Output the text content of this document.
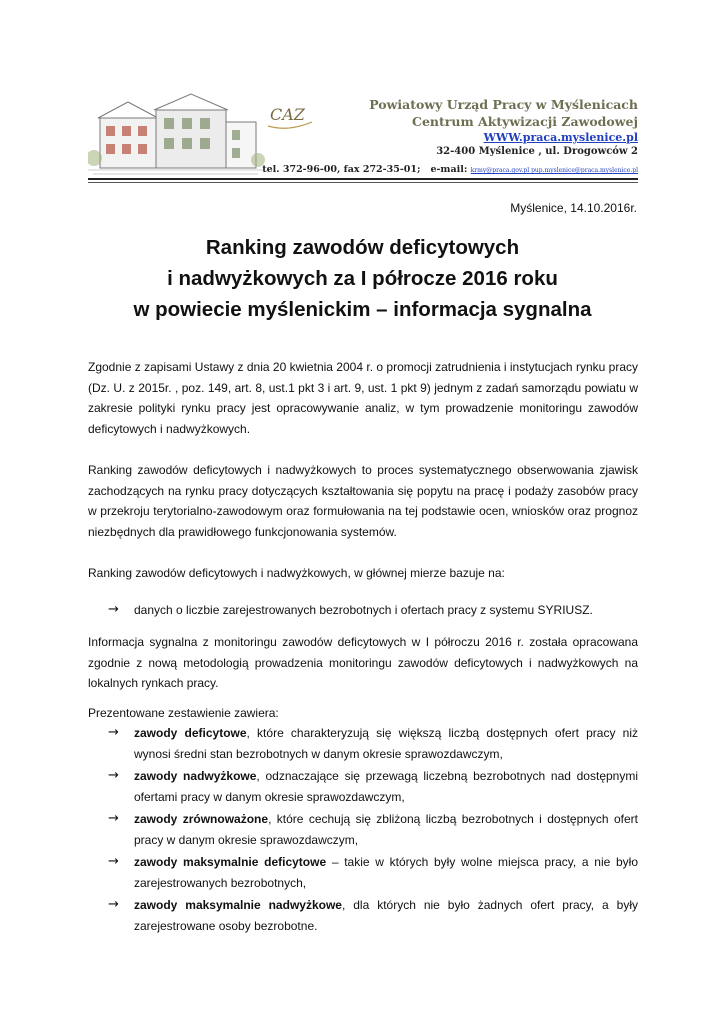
CAZ
Powiatowy Urząd Pracy w Myślenicach
Centrum Aktywizacji Zawodowej
WWW.praca.myslenice.pl
32-400 Myślenice , ul. Drogowców 2
tel. 372-96-00, fax 272-35-01; e-mail: krmy@praca.gov.pl pup.myslenice@praca.myslenice.pl
Myślenice, 14.10.2016r.
Ranking zawodów deficytowych
i nadwyżkowych za I półrocze 2016 roku
w powiecie myślenickim – informacja sygnalna

Zgodnie z zapisami Ustawy z dnia 20 kwietnia 2004 r. o promocji zatrudnienia i instytucjach rynku pracy (Dz. U. z 2015r. , poz. 149, art. 8, ust.1 pkt 3 i art. 9, ust. 1 pkt 9) jednym z zadań samorządu powiatu w zakresie polityki rynku pracy jest opracowywanie analiz, w tym prowadzenie monitoringu zawodów deficytowych i nadwyżkowych.

Ranking zawodów deficytowych i nadwyżkowych to proces systematycznego obserwowania zjawisk zachodzących na rynku pracy dotyczących kształtowania się popytu na pracę i podaży zasobów pracy w przekroju terytorialno-zawodowym oraz formułowania na tej podstawie ocen, wniosków oraz prognoz niezbędnych dla prawidłowego funkcjonowania systemów.

Ranking zawodów deficytowych i nadwyżkowych, w głównej mierze bazuje na:

→ danych o liczbie zarejestrowanych bezrobotnych i ofertach pracy z systemu SYRIUSZ.

Informacja sygnalna z monitoringu zawodów deficytowych w I półroczu 2016 r. została opracowana zgodnie z nową metodologią prowadzenia monitoringu zawodów deficytowych i nadwyżkowych na lokalnych rynkach pracy.

Prezentowane zestawienie zawiera:

→ zawody deficytowe, które charakteryzują się większą liczbą dostępnych ofert pracy niż wynosi średni stan bezrobotnych w danym okresie sprawozdawczym,
→ zawody nadwyżkowe, odznaczające się przewagą liczebną bezrobotnych nad dostępnymi ofertami pracy w danym okresie sprawozdawczym,
→ zawody zrównoważone, które cechują się zbliżoną liczbą bezrobotnych i dostępnych ofert pracy w danym okresie sprawozdawczym,
→ zawody maksymalnie deficytowe – takie w których były wolne miejsca pracy, a nie było zarejestrowanych bezrobotnych,
→ zawody maksymalnie nadwyżkowe, dla których nie było żadnych ofert pracy, a były zarejestrowane osoby bezrobotne.
